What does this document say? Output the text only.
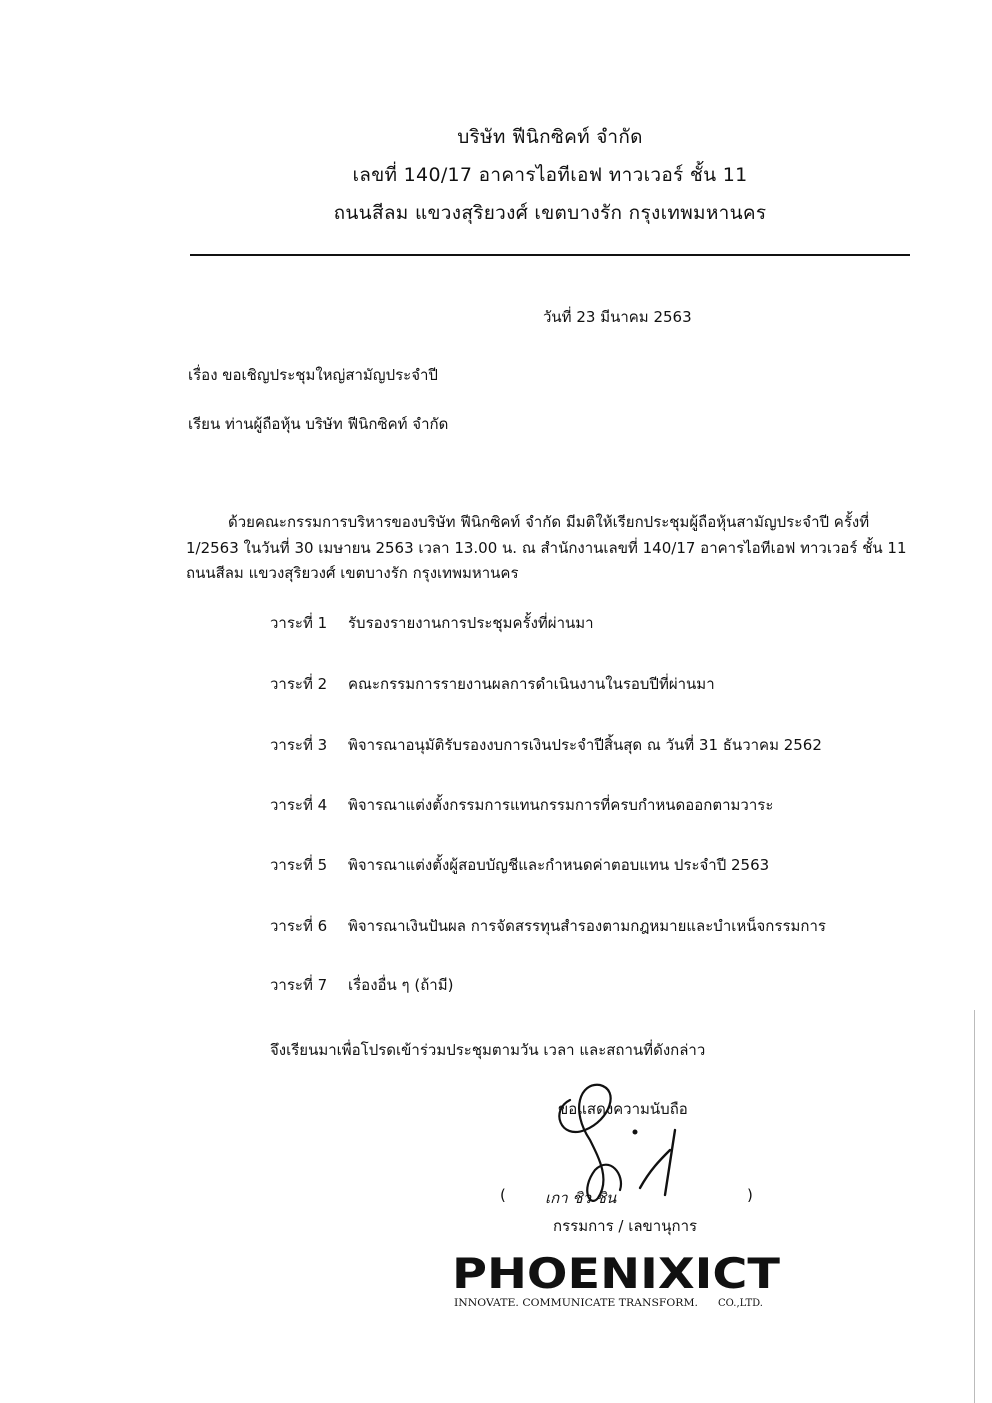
บริษัท ฟีนิกซิคท์ จำกัด
เลขที่ 140/17 อาคารไอทีเอฟ ทาวเวอร์ ชั้น 11
ถนนสีลม แขวงสุริยวงศ์ เขตบางรัก กรุงเทพมหานคร
วันที่ 23 มีนาคม 2563
เรื่อง ขอเชิญประชุมใหญ่สามัญประจำปี
เรียน ท่านผู้ถือหุ้น บริษัท ฟีนิกซิคท์ จำกัด
ด้วยคณะกรรมการบริหารของบริษัท ฟีนิกซิคท์ จำกัด มีมติให้เรียกประชุมผู้ถือหุ้นสามัญประจำปี ครั้งที่
1/2563 ในวันที่ 30 เมษายน 2563 เวลา 13.00 น. ณ สำนักงานเลขที่ 140/17 อาคารไอทีเอฟ ทาวเวอร์ ชั้น 11
ถนนสีลม แขวงสุริยวงศ์ เขตบางรัก กรุงเทพมหานคร
วาระที่ 1 รับรองรายงานการประชุมครั้งที่ผ่านมา
วาระที่ 2 คณะกรรมการรายงานผลการดำเนินงานในรอบปีที่ผ่านมา
วาระที่ 3 พิจารณาอนุมัติรับรองงบการเงินประจำปีสิ้นสุด ณ วันที่ 31 ธันวาคม 2562
วาระที่ 4 พิจารณาแต่งตั้งกรรมการแทนกรรมการที่ครบกำหนดออกตามวาระ
วาระที่ 5 พิจารณาแต่งตั้งผู้สอบบัญชีและกำหนดค่าตอบแทน ประจำปี 2563
วาระที่ 6 พิจารณาเงินปันผล การจัดสรรทุนสำรองตามกฎหมายและบำเหน็จกรรมการ
วาระที่ 7 เรื่องอื่น ๆ (ถ้ามี)
จึงเรียนมาเพื่อโปรดเข้าร่วมประชุมตามวัน เวลา และสถานที่ดังกล่าว
ขอแสดงความนับถือ
(	เกา ชิว ชิน	)
กรรมการ / เลขานุการ
PHOENIXICT
INNOVATE. COMMUNICATE TRANSFORM. CO.,LTD.
